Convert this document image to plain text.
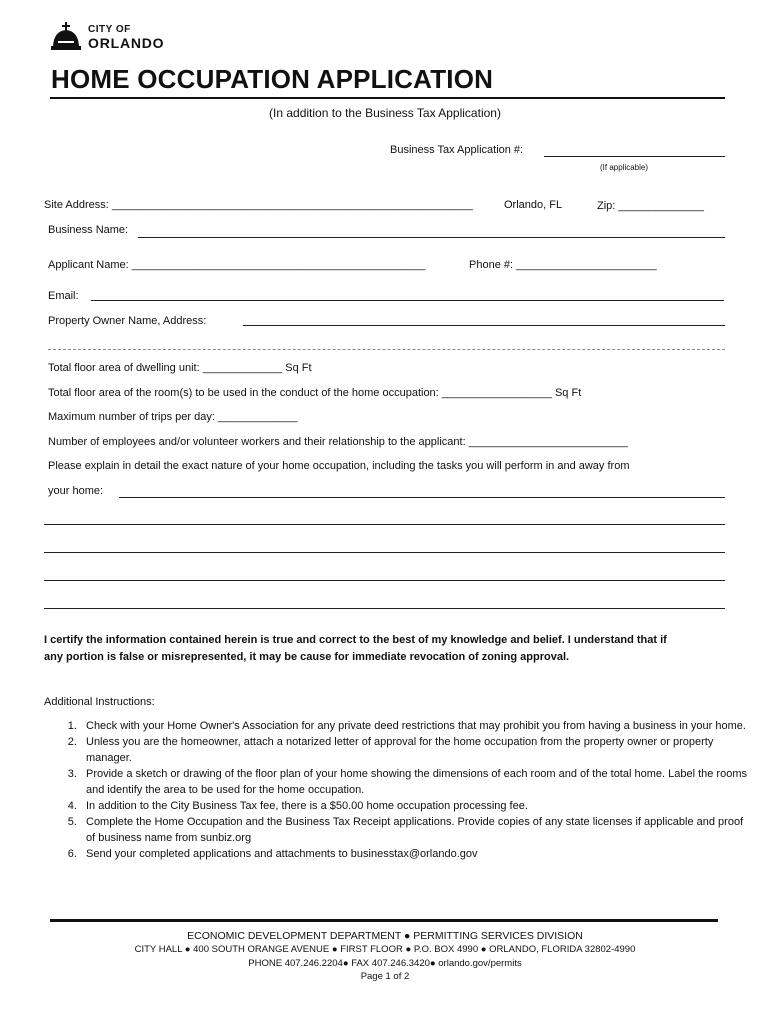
CITY OF
ORLANDO
HOME OCCUPATION APPLICATION
(In addition to the Business Tax Application)
Business Tax Application #:
(If applicable)
Site Address: ___________________________________________________________	Orlando, FL	Zip: ______________
Business Name:
Applicant Name: ________________________________________________	Phone #: _______________________
Email:
Property Owner Name, Address:
Total floor area of dwelling unit: _____________ Sq Ft
Total floor area of the room(s) to be used in the conduct of the home occupation: __________________ Sq Ft
Maximum number of trips per day: _____________
Number of employees and/or volunteer workers and their relationship to the applicant: __________________________
Please explain in detail the exact nature of your home occupation, including the tasks you will perform in and away from
your home:
I certify the information contained herein is true and correct to the best of my knowledge and belief. I understand that if
any portion is false or misrepresented, it may be cause for immediate revocation of zoning approval.
Additional Instructions:
1. Check with your Home Owner's Association for any private deed restrictions that may prohibit you from having a business in your home.
2. Unless you are the homeowner, attach a notarized letter of approval for the home occupation from the property owner or property manager.
3. Provide a sketch or drawing of the floor plan of your home showing the dimensions of each room and of the total home. Label the rooms and identify the area to be used for the home occupation.
4. In addition to the City Business Tax fee, there is a $50.00 home occupation processing fee.
5. Complete the Home Occupation and the Business Tax Receipt applications. Provide copies of any state licenses if applicable and proof of business name from sunbiz.org
6. Send your completed applications and attachments to businesstax@orlando.gov
ECONOMIC DEVELOPMENT DEPARTMENT ● PERMITTING SERVICES DIVISION
CITY HALL ● 400 SOUTH ORANGE AVENUE ● FIRST FLOOR ● P.O. BOX 4990 ● ORLANDO, FLORIDA 32802-4990
PHONE 407.246.2204● FAX 407.246.3420● orlando.gov/permits
Page 1 of 2
